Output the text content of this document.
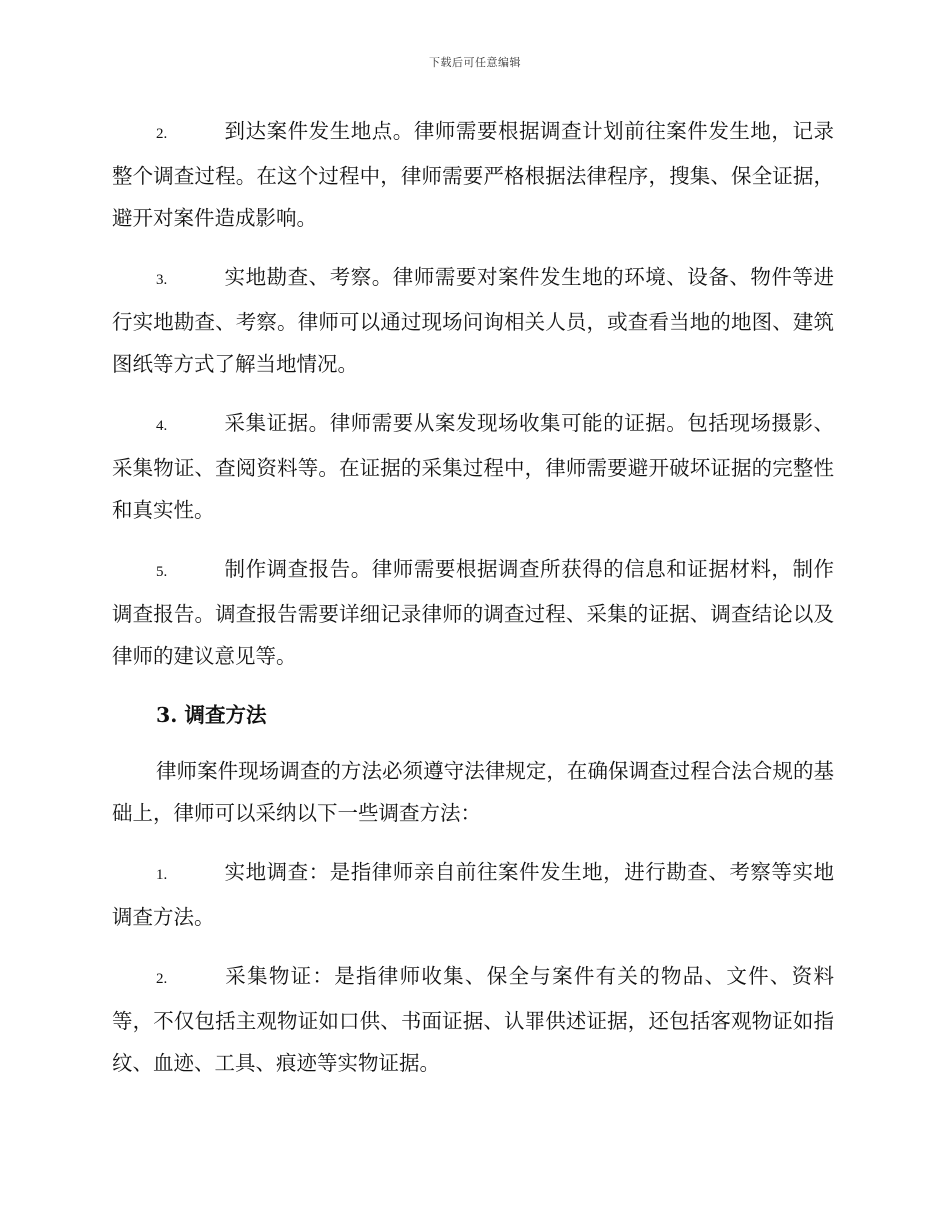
下载后可任意编辑

2.	到达案件发生地点。律师需要根据调查计划前往案件发生地，记录整个调查过程。在这个过程中，律师需要严格根据法律程序，搜集、保全证据，避开对案件造成影响。

3.	实地勘查、考察。律师需要对案件发生地的环境、设备、物件等进行实地勘查、考察。律师可以通过现场问询相关人员，或查看当地的地图、建筑图纸等方式了解当地情况。

4.	采集证据。律师需要从案发现场收集可能的证据。包括现场摄影、采集物证、查阅资料等。在证据的采集过程中，律师需要避开破坏证据的完整性和真实性。

5.	制作调查报告。律师需要根据调查所获得的信息和证据材料，制作调查报告。调查报告需要详细记录律师的调查过程、采集的证据、调查结论以及律师的建议意见等。

3. 调查方法

律师案件现场调查的方法必须遵守法律规定，在确保调查过程合法合规的基础上，律师可以采纳以下一些调查方法：

1.	实地调查：是指律师亲自前往案件发生地，进行勘查、考察等实地调查方法。

2.	采集物证：是指律师收集、保全与案件有关的物品、文件、资料等，不仅包括主观物证如口供、书面证据、认罪供述证据，还包括客观物证如指纹、血迹、工具、痕迹等实物证据。
